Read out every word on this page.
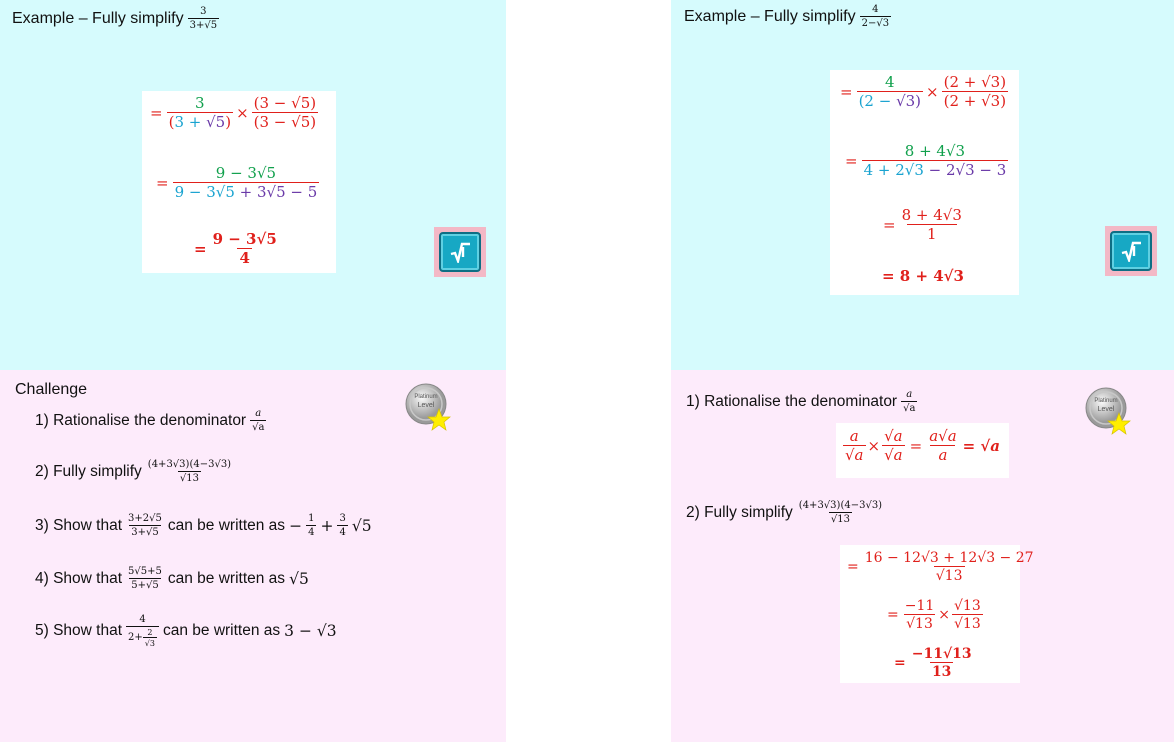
Example – Fully simplify $\frac{3}{3+√5}$
= $\frac{3}{(3 + √5)} \times \frac{(3 - √5)}{(3 - √5)}$
= $\frac{9 - 3√5}{9 - 3√5 + 3√5 - 5}$
= $\frac{9 - 3√5}{4}$
Challenge	Platinum
Level
1) Rationalise the denominator $\frac{a}{√a}$
2) Fully simplify $\frac{(4+3√3)(4-3√3)}{√13}$
3) Show that $\frac{3+2√5}{3+√5}$ can be written as − $\frac{1}{4} + \frac{3}{4} √5$
4) Show that $\frac{5√5+5}{5+√5}$ can be written as √5
5) Show that $\frac{4}{2+ \frac{2}{√3}}$ can be written as 3 − √3
Example – Fully simplify $\frac{4}{2-√3}$
= $\frac{4}{(2 - √3)} \times \frac{(2 + √3)}{(2 + √3)}$
= $\frac{8 + 4√3}{4 + 2√3 - 2√3 - 3}$
= $\frac{8 + 4√3}{1}$
= 8 + 4√3
Platinum
Level
1) Rationalise the denominator $\frac{a}{√a}$
$\frac{a}{√a} \times \frac{√a}{√a} = \frac{a√a}{a} = √a$
2) Fully simplify $\frac{(4+3√3)(4-3√3)}{√13}$
= $\frac{16 - 12√3 + 12√3 - 27}{√13}$
= $\frac{-11}{√13} \times \frac{√13}{√13}$
= $\frac{-11√13}{13}$
